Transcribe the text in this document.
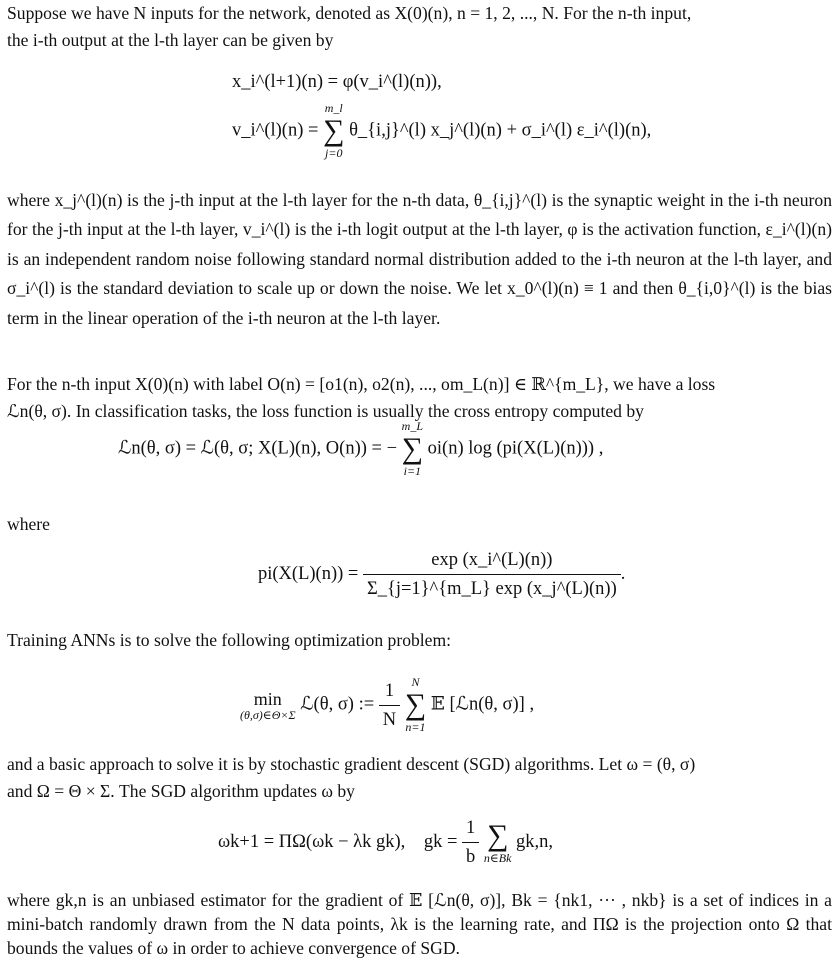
Suppose we have N inputs for the network, denoted as X(0)(n), n = 1, 2, ..., N. For the n-th input,
the i-th output at the l-th layer can be given by

x_i^(l+1)(n) = φ(v_i^(l)(n)),
v_i^(l)(n) =
m_l
∑
j=0
θ_{i,j}^(l) x_j^(l)(n) + σ_i^(l) ε_i^(l)(n),

where x_j^(l)(n) is the j-th input at the l-th layer for the n-th data, θ_{i,j}^(l) is the synaptic weight in the i-th neuron for the j-th input at the l-th layer, v_i^(l) is the i-th logit output at the l-th layer, φ is the activation function, ε_i^(l)(n) is an independent random noise following standard normal distribution added to the i-th neuron at the l-th layer, and σ_i^(l) is the standard deviation to scale up or down the noise. We let x_0^(l)(n) ≡ 1 and then θ_{i,0}^(l) is the bias term in the linear operation of the i-th neuron at the l-th layer.

For the n-th input X(0)(n) with label O(n) = [o1(n), o2(n), ..., om_L(n)] ∈ ℝ^{m_L}, we have a loss
ℒn(θ, σ). In classification tasks, the loss function is usually the cross entropy computed by

ℒn(θ, σ) = ℒ(θ, σ; X(L)(n), O(n)) = −
m_L
∑
i=1
oi(n) log (pi(X(L)(n))) ,
where
$pi(X(L)(n)) = \frac{\exp (x\_i\^{}(L)(n))}{\Sigma\_\{j=1\}\^{}\{m\_L\} \exp (x\_j\^{}(L)(n))}$ .

Training ANNs is to solve the following optimization problem:

min
(θ,σ)∈Θ×Σ
ℒ(θ, σ) := $\frac{1}{N}$
N
∑
n=1
𝔼 [ℒn(θ, σ)] ,

and a basic approach to solve it is by stochastic gradient descent (SGD) algorithms. Let ω = (θ, σ)
and Ω = Θ × Σ. The SGD algorithm updates ω by

ωk+1 = ΠΩ(ωk − λk gk), gk = $\frac{1}{b}$
∑
n∈Bk
gk,n,

where gk,n is an unbiased estimator for the gradient of 𝔼 [ℒn(θ, σ)], Bk = {nk1, ··· , nkb} is a set of indices in a mini-batch randomly drawn from the N data points, λk is the learning rate, and ΠΩ is the projection onto Ω that bounds the values of ω in order to achieve convergence of SGD.
